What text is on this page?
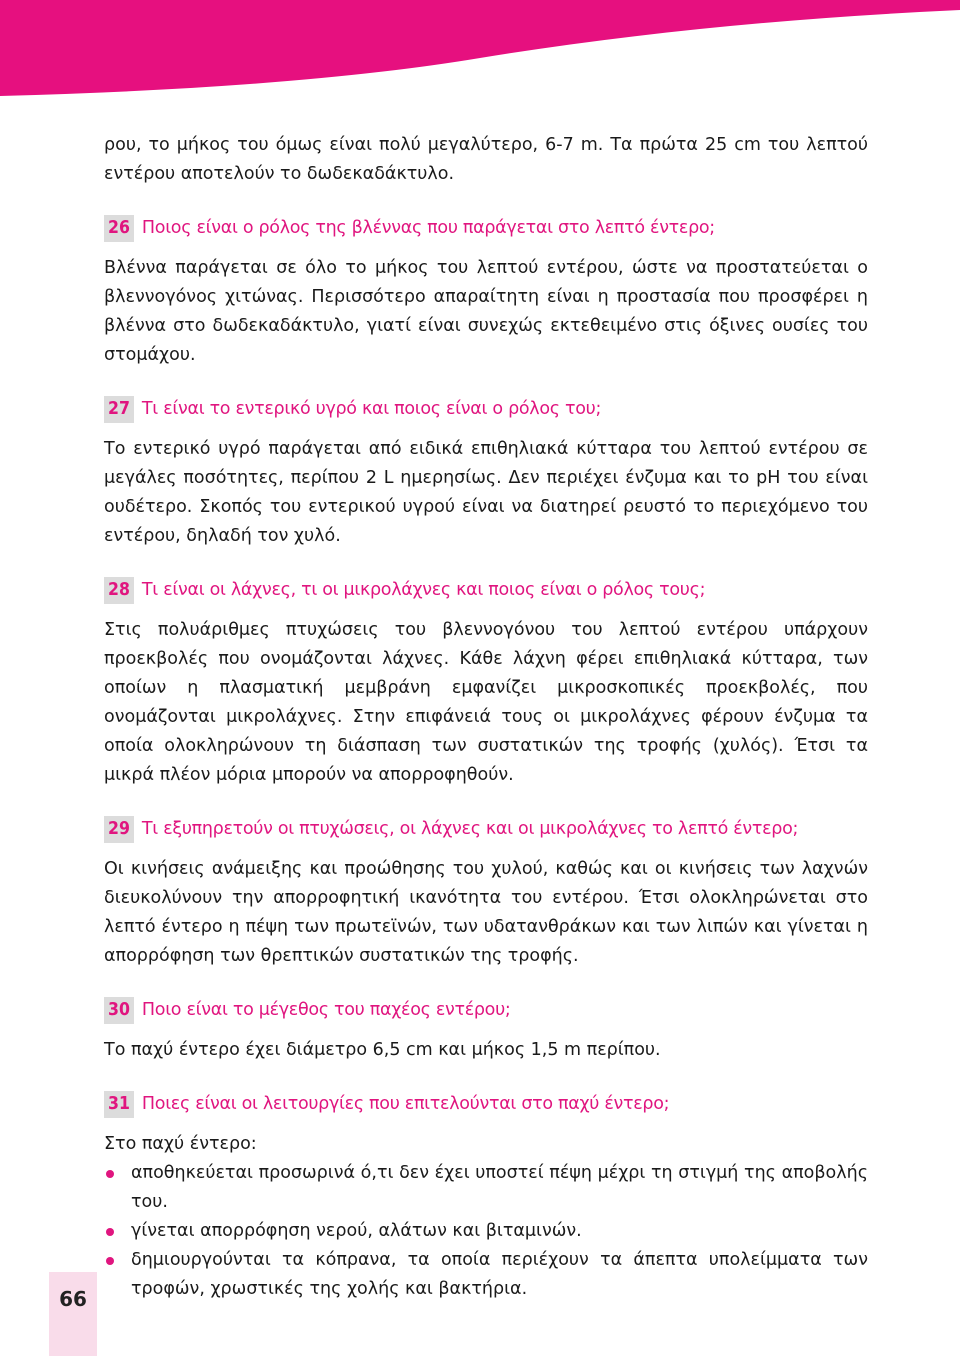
ρου, το μήκος του όμως είναι πολύ μεγαλύτερο, 6-7 m. Τα πρώτα 25 cm του λεπτού εντέρου αποτελούν το δωδεκαδάκτυλο.

26 Ποιος είναι ο ρόλος της βλέννας που παράγεται στο λεπτό έντερο;

Βλέννα παράγεται σε όλο το μήκος του λεπτού εντέρου, ώστε να προστατεύεται ο βλεννογόνος χιτώνας. Περισσότερο απαραίτητη είναι η προστασία που προσφέρει η βλέννα στο δωδεκαδάκτυλο, γιατί είναι συνεχώς εκτεθειμένο στις όξινες ουσίες του στομάχου.

27 Τι είναι το εντερικό υγρό και ποιος είναι ο ρόλος του;

Το εντερικό υγρό παράγεται από ειδικά επιθηλιακά κύτταρα του λεπτού εντέρου σε μεγάλες ποσότητες, περίπου 2 L ημερησίως. Δεν περιέχει ένζυμα και το pH του είναι ουδέτερο. Σκοπός του εντερικού υγρού είναι να διατηρεί ρευστό το περιεχόμενο του εντέρου, δηλαδή τον χυλό.

28 Τι είναι οι λάχνες, τι οι μικρολάχνες και ποιος είναι ο ρόλος τους;

Στις πολυάριθμες πτυχώσεις του βλεννογόνου του λεπτού εντέρου υπάρχουν προεκβολές που ονομάζονται λάχνες. Κάθε λάχνη φέρει επιθηλιακά κύτταρα, των οποίων η πλασματική μεμβράνη εμφανίζει μικροσκοπικές προεκβολές, που ονομάζονται μικρολάχνες. Στην επιφάνειά τους οι μικρολάχνες φέρουν ένζυμα τα οποία ολοκληρώνουν τη διάσπαση των συστατικών της τροφής (χυλός). Έτσι τα μικρά πλέον μόρια μπορούν να απορροφηθούν.

29 Τι εξυπηρετούν οι πτυχώσεις, οι λάχνες και οι μικρολάχνες το λεπτό έντερο;

Οι κινήσεις ανάμειξης και προώθησης του χυλού, καθώς και οι κινήσεις των λαχνών διευκολύνουν την απορροφητική ικανότητα του εντέρου. Έτσι ολοκληρώνεται στο λεπτό έντερο η πέψη των πρωτεϊνών, των υδατανθράκων και των λιπών και γίνεται η απορρόφηση των θρεπτικών συστατικών της τροφής.

30 Ποιο είναι το μέγεθος του παχέος εντέρου;

Το παχύ έντερο έχει διάμετρο 6,5 cm και μήκος 1,5 m περίπου.

31 Ποιες είναι οι λειτουργίες που επιτελούνται στο παχύ έντερο;

Στο παχύ έντερο:

αποθηκεύεται προσωρινά ό,τι δεν έχει υποστεί πέψη μέχρι τη στιγμή της αποβολής του.
γίνεται απορρόφηση νερού, αλάτων και βιταμινών.
δημιουργούνται τα κόπρανα, τα οποία περιέχουν τα άπεπτα υπολείμματα των τροφών, χρωστικές της χολής και βακτήρια.
66
